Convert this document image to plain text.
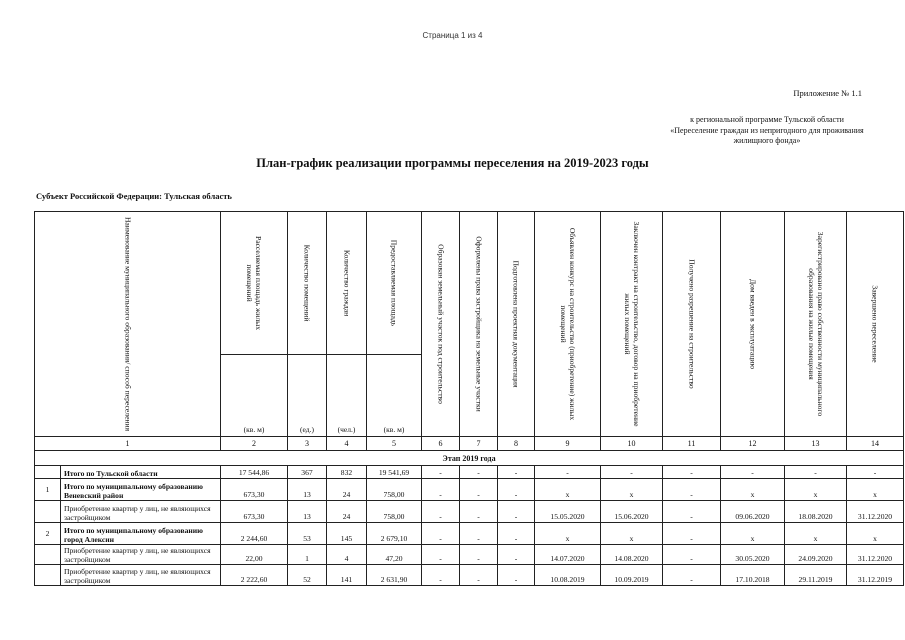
Страница 1 из 4
Приложение № 1.1
к региональной программе Тульской области «Переселение граждан из непригодного для проживания жилищного фонда»
План-график реализации программы переселения на 2019-2023 годы
Субъект Российской Федерации: Тульская область
Наименование муниципального образования/ способ переселения		Расселяемая площадь жилых помещений	Количество помещений	Количество граждан	Предоставляемая площадь	Образован земельный участок под строительство	Оформлены права застройщика на земельные участки	Подготовлена проектная документация	Объявлен конкурс на строительство (приобретение) жилых помещений	Заключен контракт на строительство, договор на приобретение жилых помещений	Получено разрешение на строительство	Дом введен в эксплуатацию	Зарегистрировано право собственности муниципального образования на жилые помещения	Завершено переселение

		(кв. м)	(ед.)	(чел.)	(кв. м)									
1		2	3	4	5	6	7	8	9	10	11	12	13	14
Этап 2019 года														
	Итого по Тульской области	17 544,86	367	832	19 541,69	-	-	-	-	-	-	-	-	-
1	Итого по муниципальному образованию Веневский район	673,30	13	24	758,00	-	-	-	х	х	-	х	х	х
	Приобретение квартир у лиц, не являющихся застройщиком	673,30	13	24	758,00	-	-	-	15.05.2020	15.06.2020	-	09.06.2020	18.08.2020	31.12.2020
2	Итого по муниципальному образованию город Алексин	2 244,60	53	145	2 679,10	-	-	-	х	х	-	х	х	х
	Приобретение квартир у лиц, не являющихся застройщиком	22,00	1	4	47,20	-	-	-	14.07.2020	14.08.2020	-	30.05.2020	24.09.2020	31.12.2020
	Приобретение квартир у лиц, не являющихся застройщиком	2 222,60	52	141	2 631,90	-	-	-	10.08.2019	10.09.2019	-	17.10.2018	29.11.2019	31.12.2019
